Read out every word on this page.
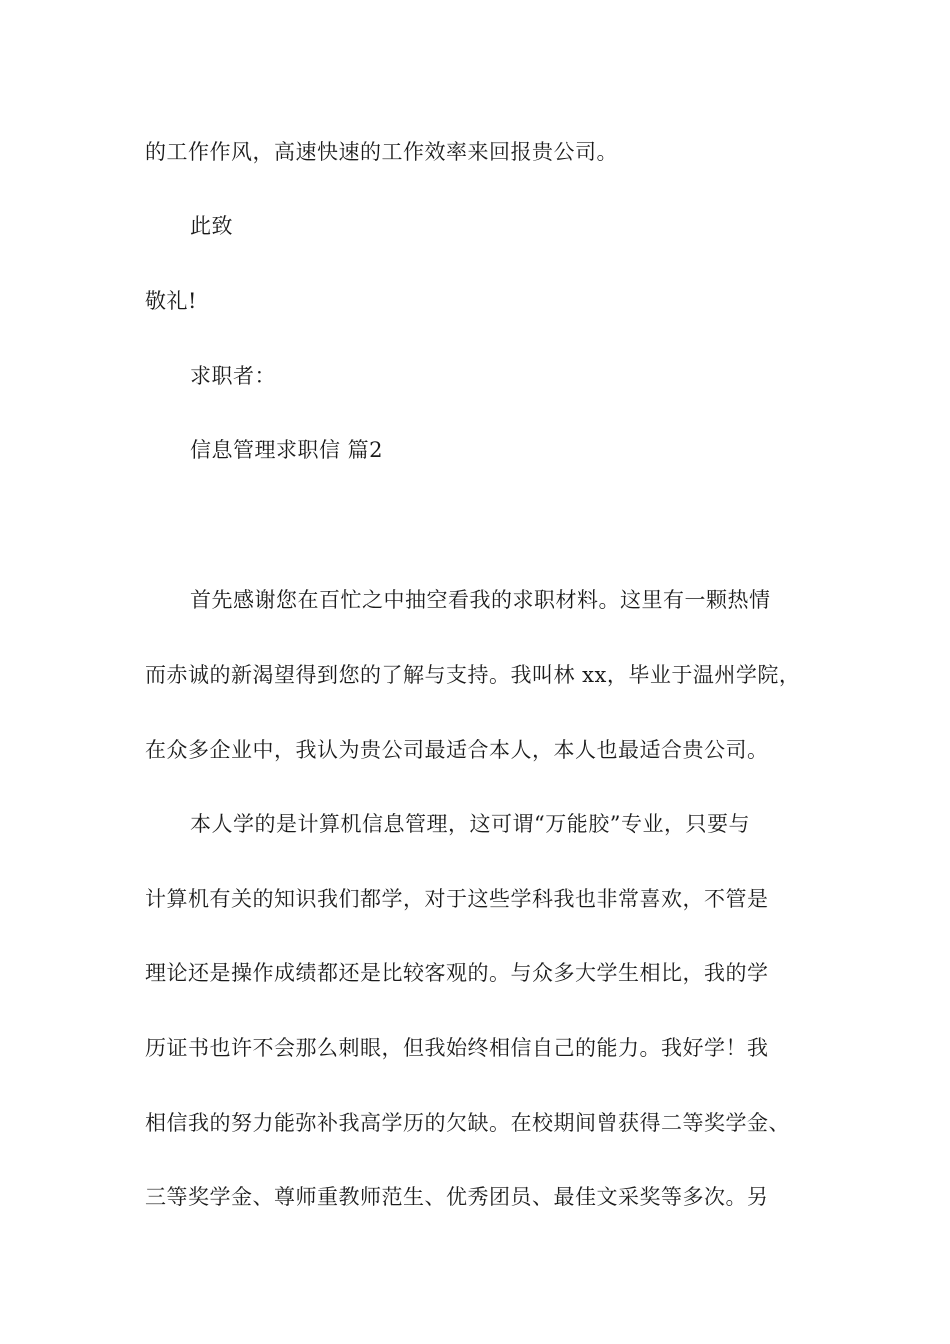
的工作作风，高速快速的工作效率来回报贵公司。
此致
敬礼!
求职者：
信息管理求职信 篇2
首先感谢您在百忙之中抽空看我的求职材料。这里有一颗热情
而赤诚的新渴望得到您的了解与支持。我叫林 xx，毕业于温州学院，
在众多企业中，我认为贵公司最适合本人，本人也最适合贵公司。
本人学的是计算机信息管理，这可谓“万能胶”专业，只要与
计算机有关的知识我们都学，对于这些学科我也非常喜欢，不管是
理论还是操作成绩都还是比较客观的。与众多大学生相比，我的学
历证书也许不会那么刺眼，但我始终相信自己的能力。我好学！我
相信我的努力能弥补我高学历的欠缺。在校期间曾获得二等奖学金、
三等奖学金、尊师重教师范生、优秀团员、最佳文采奖等多次。另
